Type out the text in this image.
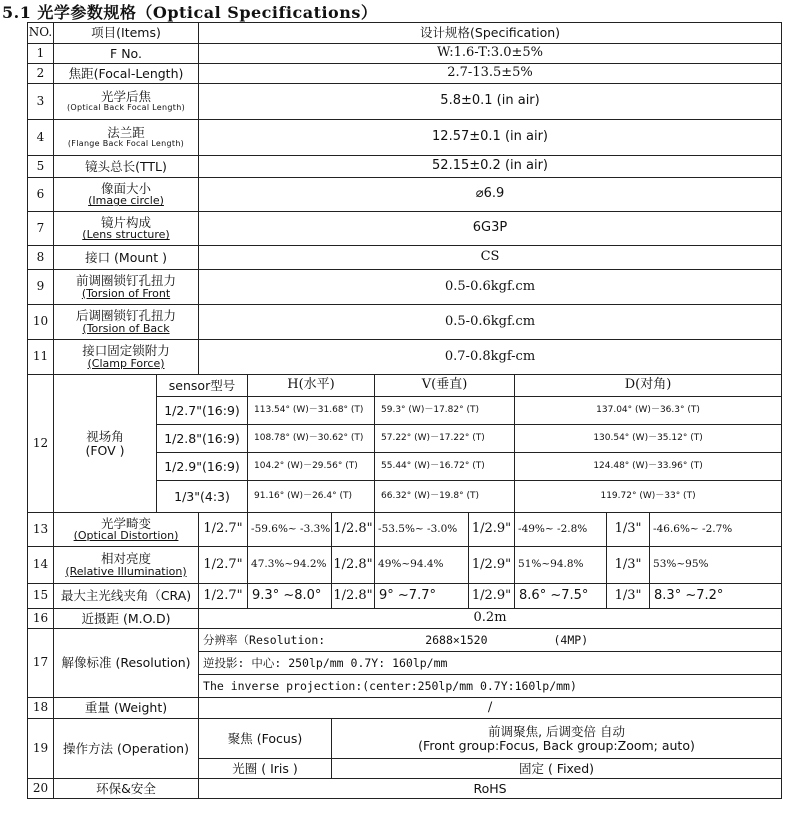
5.1 光学参数规格（Optical Specifications）
NO.	项目(Items)		设计规格(Specification)							
1	F No.		W:1.6-T:3.0±5%							
2	焦距(Focal-Length)		2.7-13.5±5%							
3	光学后焦
(Optical Back Focal Length)		5.8±0.1 (in air)							
4	法兰距
(Flange Back Focal Length)		12.57±0.1 (in air)							
5	镜头总长(TTL)		52.15±0.2 (in air)							
6	像面大小
(Image circle)		⌀6.9							
7	镜片构成
(Lens structure)		6G3P							
8	接口 (Mount )		CS							
9	前调圈锁钉孔扭力
(Torsion of Front		0.5-0.6kgf.cm							
10	后调圈锁钉孔扭力
(Torsion of Back		0.5-0.6kgf.cm							
11	接口固定锁附力
(Clamp Force)		0.7-0.8kgf-cm							
12	视场角
(FOV )	sensor型号		H(水平)		V(垂直)		D(对角)		
		1/2.7"(16:9)		113.54° (W)－31.68° (T)		59.3° (W)－17.82° (T)		137.04° (W)－36.3° (T)		
		1/2.8"(16:9)		108.78° (W)－30.62° (T)		57.22° (W)－17.22° (T)		130.54° (W)－35.12° (T)		
		1/2.9"(16:9)		104.2° (W)－29.56° (T)		55.44° (W)－16.72° (T)		124.48° (W)－33.96° (T)		
		1/3"(4:3)		91.16° (W)－26.4° (T)		66.32° (W)－19.8° (T)		119.72° (W)－33° (T)		
13	光学畸变
(Optical Distortion)		1/2.7"	-59.6%~ -3.3%	1/2.8"	-53.5%~ -3.0%	1/2.9"	-49%~ -2.8%	1/3"	-46.6%~ -2.7%
14	相对亮度
(Relative Illumination)		1/2.7"	47.3%~94.2%	1/2.8"	49%~94.4%	1/2.9"	51%~94.8%	1/3"	53%~95%
15	最大主光线夹角（CRA)		1/2.7"	9.3° ~8.0°	1/2.8"	9° ~7.7°	1/2.9"	8.6° ~7.5°	1/3"	8.3° ~7.2°
16	近摄距 (M.O.D)		0.2m							
17	解像标准 (Resolution)		分辨率（Resolution: 2688×1520 (4MP)							
			逆投影: 中心: 250lp/mm 0.7Y: 160lp/mm							
			The inverse projection:(center:250lp/mm 0.7Y:160lp/mm)							
18	重量 (Weight)		/							
19	操作方法 (Operation)		聚焦 (Focus)		前调聚焦, 后调变倍 自动
(Front group:Focus, Back group:Zoom; auto)					

			光圈 ( Iris )		固定 ( Fixed)					
20	环保&安全		RoHS							
